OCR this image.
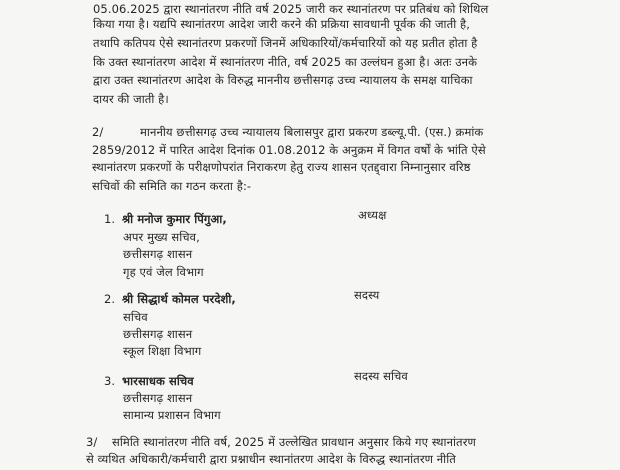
05.06.2025 द्वारा स्थानांतरण नीति वर्ष 2025 जारी कर स्थानांतरण पर प्रतिबंध को शिथिल
किया गया है। यद्यपि स्थानांतरण आदेश जारी करने की प्रक्रिया सावधानी पूर्वक की जाती है,
तथापि कतिपय ऐसे स्थानांतरण प्रकरणों जिनमें अधिकारियों/कर्मचारियों को यह प्रतीत होता है
कि उक्त स्थानांतरण आदेश में स्थानांतरण नीति, वर्ष 2025 का उल्लंघन हुआ है। अतः उनके
द्वारा उक्त स्थानांतरण आदेश के विरुद्ध माननीय छत्तीसगढ़ उच्च न्यायालय के समक्ष याचिका
दायर की जाती है।
2/	माननीय छत्तीसगढ़ उच्च न्यायालय बिलासपुर द्वारा प्रकरण डब्ल्यू.पी. (एस.) क्रमांक
2859/2012 में पारित आदेश दिनांक 01.08.2012 के अनुक्रम में विगत वर्षों के भांति ऐसे
स्थानांतरण प्रकरणों के परीक्षणोपरांत निराकरण हेतु राज्य शासन एतद्द्वारा निम्नानुसार वरिष्ठ
सचिवों की समिति का गठन करता है:-
1. श्री मनोज कुमार पिंगुआ,
अपर मुख्य सचिव,
छत्तीसगढ़ शासन
गृह एवं जेल विभाग
अध्यक्ष
2. श्री सिद्धार्थ कोमल परदेशी,
सचिव
छत्तीसगढ़ शासन
स्कूल शिक्षा विभाग
सदस्य
3. भारसाधक सचिव
छत्तीसगढ़ शासन
सामान्य प्रशासन विभाग
सदस्य सचिव
3/ समिति स्थानांतरण नीति वर्ष, 2025 में उल्लेखित प्रावधान अनुसार किये गए स्थानांतरण
से व्यथित अधिकारी/कर्मचारी द्वारा प्रश्नाधीन स्थानांतरण आदेश के विरुद्ध स्थानांतरण नीति
